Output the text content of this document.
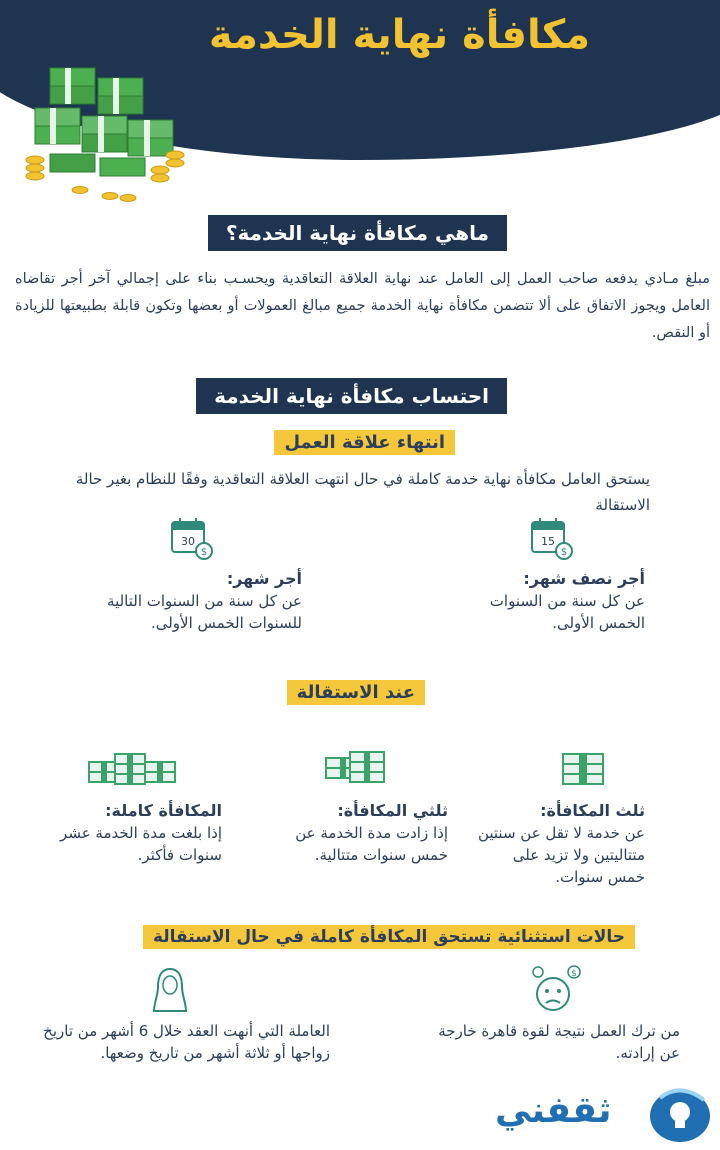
مكافأة نهاية الخدمة
ماهي مكافأة نهاية الخدمة؟
مبلغ مـادي يدفعه صاحب العمل إلى العامل عند نهاية العلاقة التعاقدية ويحسـب بناء على إجمالي آخر أجر تقاضاه العامل ويجوز الاتفاق على ألا تتضمن مكافأة نهاية الخدمة جميع مبالغ العمولات أو بعضها وتكون قابلة بطبيعتها للزيادة أو النقص.
احتساب مكافأة نهاية الخدمة
انتهاء علاقة العمل
يستحق العامل مكافأة نهاية خدمة كاملة في حال انتهت العلاقة التعاقدية وفقًا للنظام بغير حالة الاستقالة
15
$
30
$
أجر نصف شهر:
عن كل سنة من السنوات الخمس الأولى.
أجر شهر:
عن كل سنة من السنوات التالية للسنوات الخمس الأولى.
عند الاستقالة
ثلث المكافأة:
عن خدمة لا تقل عن سنتين متتاليتين ولا تزيد على خمس سنوات.
ثلثي المكافأة:
إذا زادت مدة الخدمة عن خمس سنوات متتالية.
المكافأة كاملة:
إذا بلغت مدة الخدمة عشر سنوات فأكثر.
حالات استثنائية تستحق المكافأة كاملة في حال الاستقالة
$
من ترك العمل نتيجة لقوة قاهرة خارجة عن إرادته.
العاملة التي أنهت العقد خلال 6 أشهر من تاريخ زواجها أو ثلاثة أشهر من تاريخ وضعها.
ثقفني
